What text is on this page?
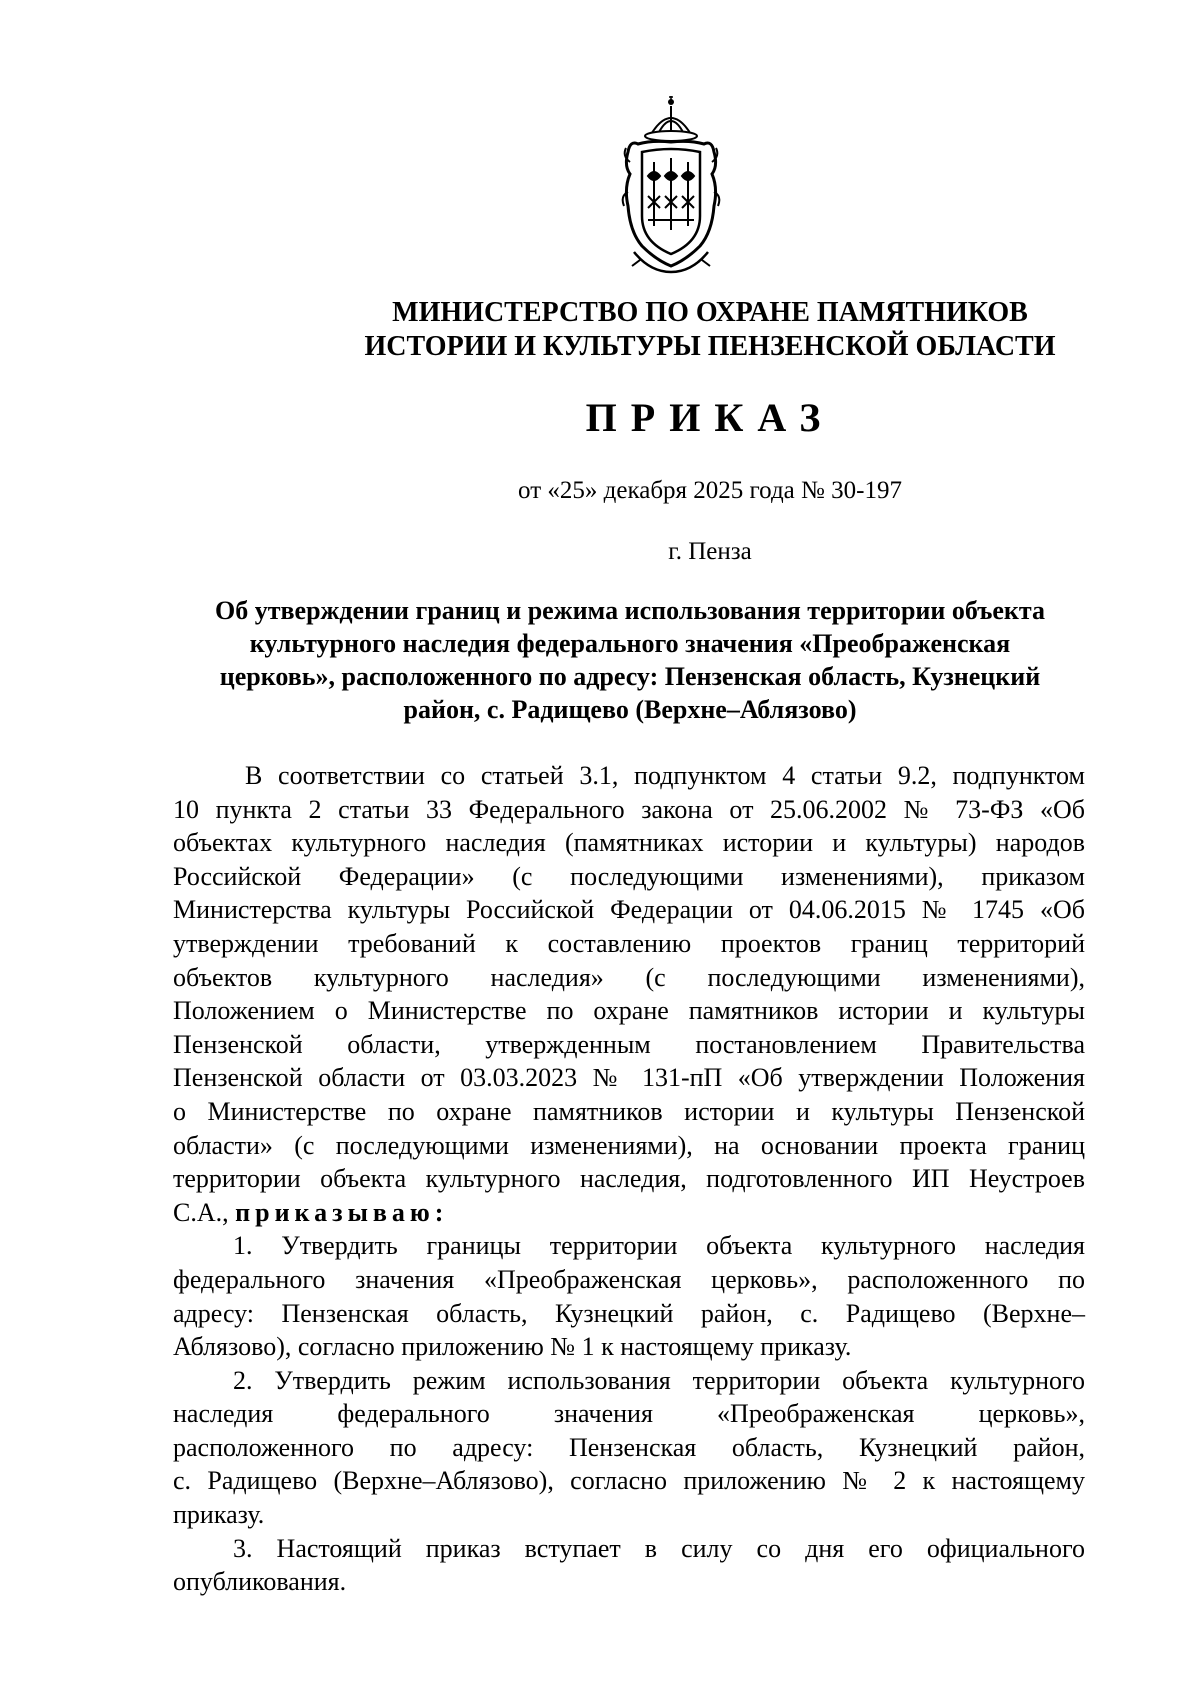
МИНИСТЕРСТВО ПО ОХРАНЕ ПАМЯТНИКОВ
ИСТОРИИ И КУЛЬТУРЫ ПЕНЗЕНСКОЙ ОБЛАСТИ
ПРИКАЗ
от «25» декабря 2025 года № 30-197
г. Пенза
Об утверждении границ и режима использования территории объекта
культурного наследия федерального значения «Преображенская
церковь», расположенного по адресу: Пензенская область, Кузнецкий
район, с. Радищево (Верхне–Аблязово)
В соответствии со статьей 3.1, подпунктом 4 статьи 9.2, подпунктом
10 пункта 2 статьи 33 Федерального закона от 25.06.2002 № 73-ФЗ «Об
объектах культурного наследия (памятниках истории и культуры) народов
Российской Федерации» (с последующими изменениями), приказом
Министерства культуры Российской Федерации от 04.06.2015 № 1745 «Об
утверждении требований к составлению проектов границ территорий
объектов культурного наследия» (с последующими изменениями),
Положением о Министерстве по охране памятников истории и культуры
Пензенской области, утвержденным постановлением Правительства
Пензенской области от 03.03.2023 № 131-пП «Об утверждении Положения
о Министерстве по охране памятников истории и культуры Пензенской
области» (с последующими изменениями), на основании проекта границ
территории объекта культурного наследия, подготовленного ИП Неустроев
С.А., приказываю:
1. Утвердить границы территории объекта культурного наследия
федерального значения «Преображенская церковь», расположенного по
адресу: Пензенская область, Кузнецкий район, с. Радищево (Верхне–
Аблязово), согласно приложению № 1 к настоящему приказу.
2. Утвердить режим использования территории объекта культурного
наследия федерального значения «Преображенская церковь»,
расположенного по адресу: Пензенская область, Кузнецкий район,
с. Радищево (Верхне–Аблязово), согласно приложению № 2 к настоящему
приказу.
3. Настоящий приказ вступает в силу со дня его официального
опубликования.
